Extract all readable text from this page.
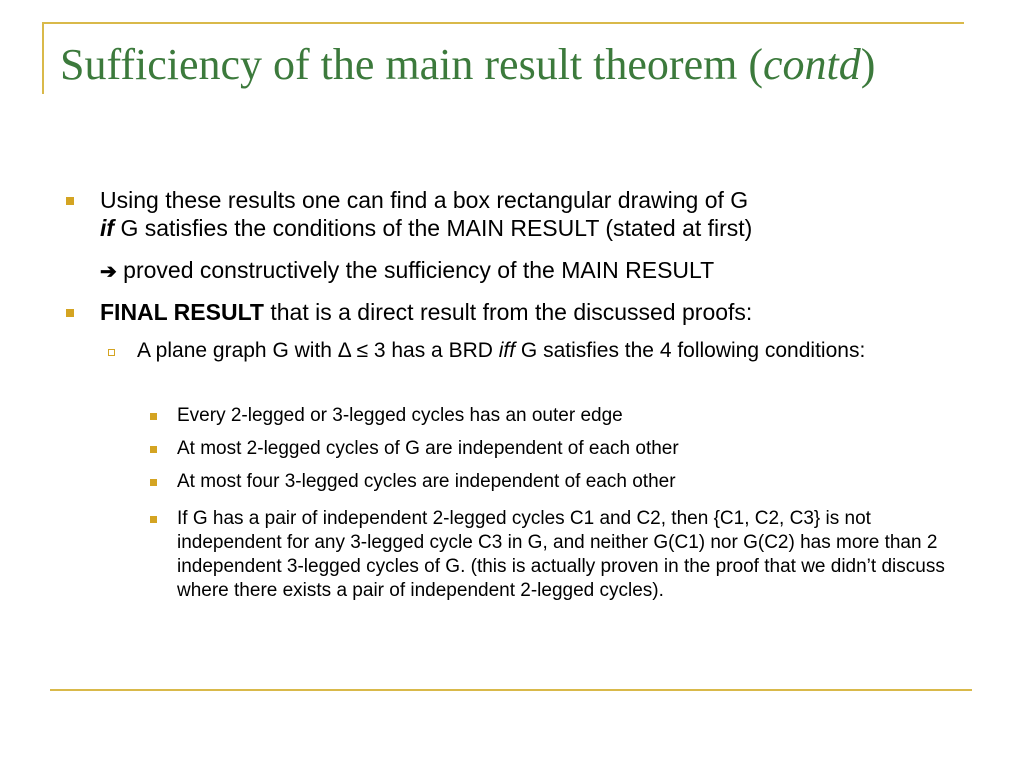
Sufficiency of the main result theorem (contd)
Using these results one can find a box rectangular drawing of G
if G satisfies the conditions of the MAIN RESULT (stated at first)
➔ proved constructively the sufficiency of the MAIN RESULT
FINAL RESULT that is a direct result from the discussed proofs:
A plane graph G with Δ ≤ 3 has a BRD iff G satisfies the 4 following conditions:
Every 2-legged or 3-legged cycles has an outer edge
At most 2-legged cycles of G are independent of each other
At most four 3-legged cycles are independent of each other
If G has a pair of independent 2-legged cycles C1 and C2, then {C1, C2, C3} is not independent for any 3-legged cycle C3 in G, and neither G(C1) nor G(C2) has more than 2 independent 3-legged cycles of G. (this is actually proven in the proof that we didn’t discuss where there exists a pair of independent 2-legged cycles).
